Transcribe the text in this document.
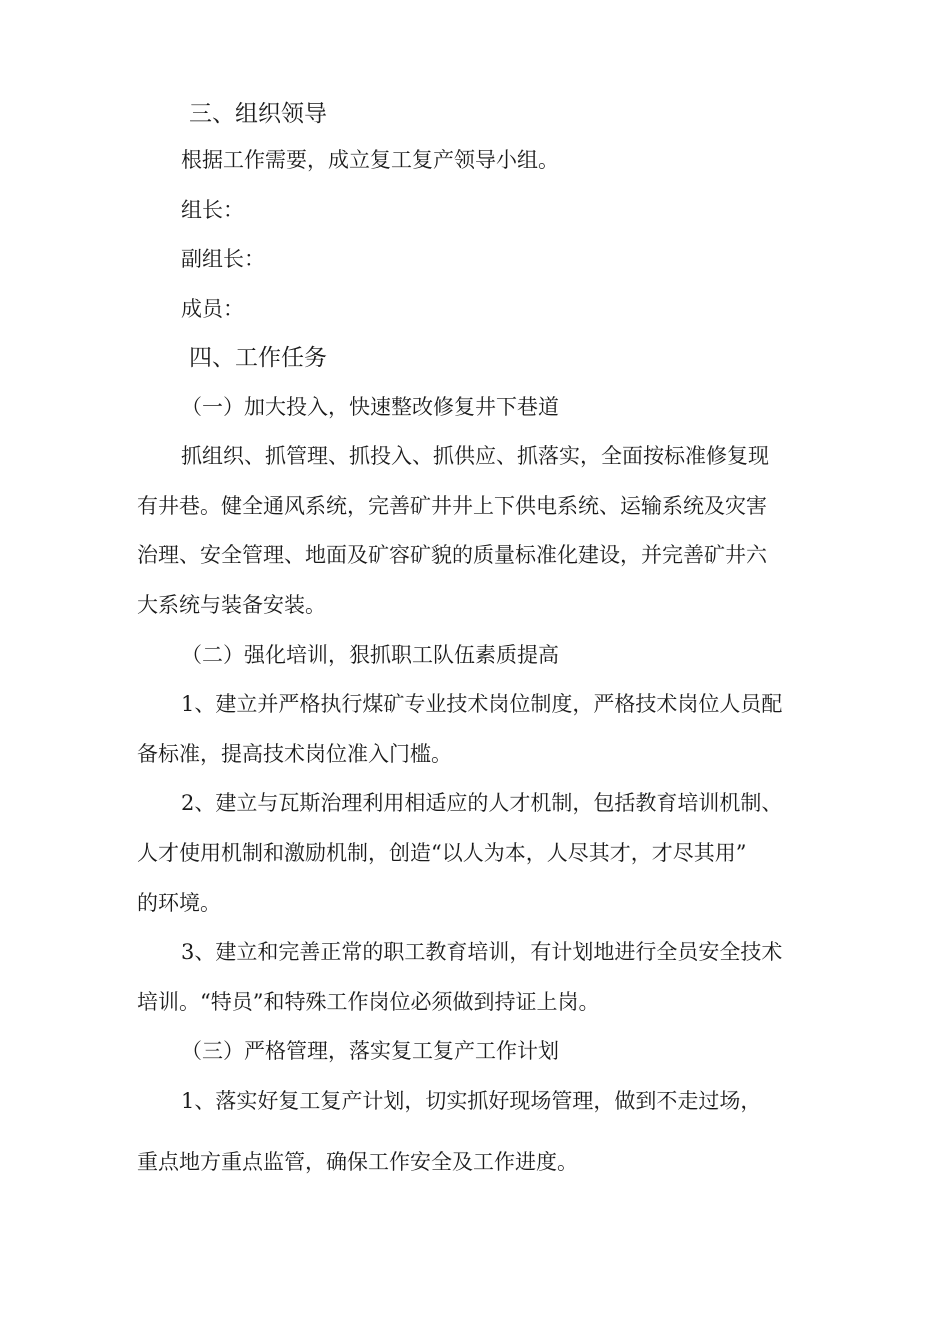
三、组织领导
根据工作需要，成立复工复产领导小组。
组长：
副组长：
成员：
四、工作任务
（一）加大投入，快速整改修复井下巷道
抓组织、抓管理、抓投入、抓供应、抓落实，全面按标准修复现
有井巷。健全通风系统，完善矿井井上下供电系统、运输系统及灾害
治理、安全管理、地面及矿容矿貌的质量标准化建设，并完善矿井六
大系统与装备安装。
（二）强化培训，狠抓职工队伍素质提高
1、建立并严格执行煤矿专业技术岗位制度，严格技术岗位人员配
备标准，提高技术岗位准入门槛。
2、建立与瓦斯治理利用相适应的人才机制，包括教育培训机制、
人才使用机制和激励机制，创造“以人为本，人尽其才，才尽其用”
的环境。
3、建立和完善正常的职工教育培训，有计划地进行全员安全技术
培训。“特员”和特殊工作岗位必须做到持证上岗。
（三）严格管理，落实复工复产工作计划
1、落实好复工复产计划，切实抓好现场管理，做到不走过场，
重点地方重点监管，确保工作安全及工作进度。
